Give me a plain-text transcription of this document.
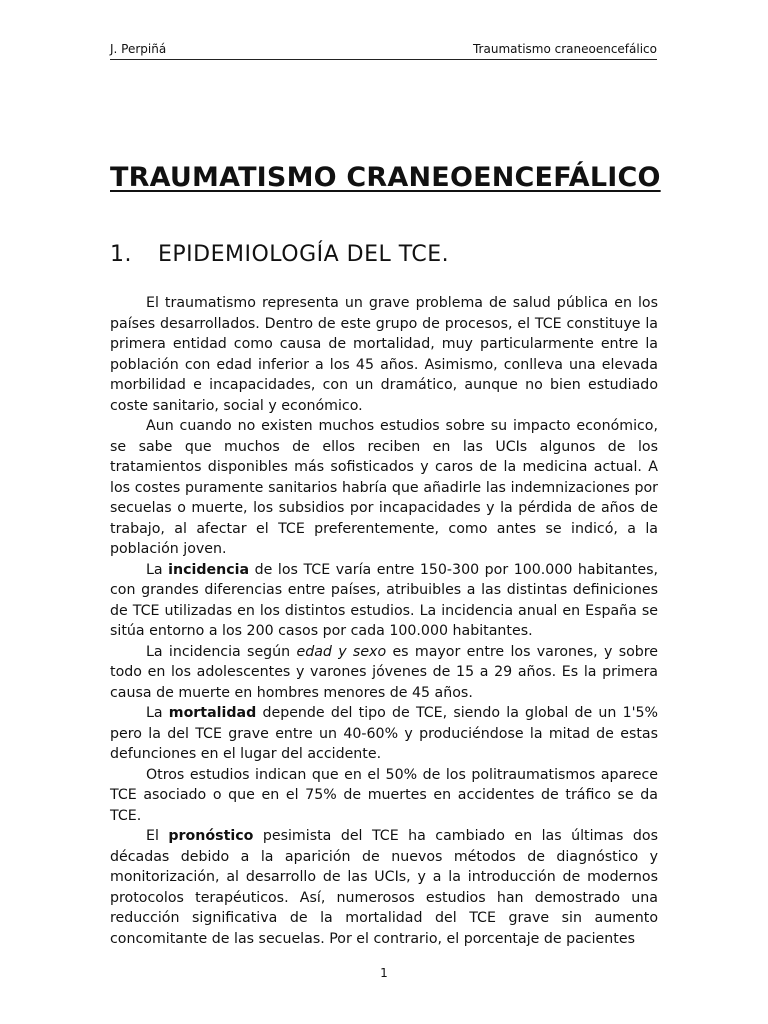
J. Perpiñá	Traumatismo craneoencefálico
TRAUMATISMO CRANEOENCEFÁLICO
1. EPIDEMIOLOGÍA DEL TCE.

El traumatismo representa un grave problema de salud pública en los países desarrollados. Dentro de este grupo de procesos, el TCE constituye la primera entidad como causa de mortalidad, muy particularmente entre la población con edad inferior a los 45 años. Asimismo, conlleva una elevada morbilidad e incapacidades, con un dramático, aunque no bien estudiado coste sanitario, social y económico.

Aun cuando no existen muchos estudios sobre su impacto económico, se sabe que muchos de ellos reciben en las UCIs algunos de los tratamientos disponibles más sofisticados y caros de la medicina actual. A los costes puramente sanitarios habría que añadirle las indemnizaciones por secuelas o muerte, los subsidios por incapacidades y la pérdida de años de trabajo, al afectar el TCE preferentemente, como antes se indicó, a la población joven.

La incidencia de los TCE varía entre 150-300 por 100.000 habitantes, con grandes diferencias entre países, atribuibles a las distintas definiciones de TCE utilizadas en los distintos estudios. La incidencia anual en España se sitúa entorno a los 200 casos por cada 100.000 habitantes.

La incidencia según edad y sexo es mayor entre los varones, y sobre todo en los adolescentes y varones jóvenes de 15 a 29 años. Es la primera causa de muerte en hombres menores de 45 años.

La mortalidad depende del tipo de TCE, siendo la global de un 1'5% pero la del TCE grave entre un 40-60% y produciéndose la mitad de estas defunciones en el lugar del accidente.

Otros estudios indican que en el 50% de los politraumatismos aparece TCE asociado o que en el 75% de muertes en accidentes de tráfico se da TCE.

El pronóstico pesimista del TCE ha cambiado en las últimas dos décadas debido a la aparición de nuevos métodos de diagnóstico y monitorización, al desarrollo de las UCIs, y a la introducción de modernos protocolos terapéuticos. Así, numerosos estudios han demostrado una reducción significativa de la mortalidad del TCE grave sin aumento concomitante de las secuelas. Por el contrario, el porcentaje de pacientes

1
